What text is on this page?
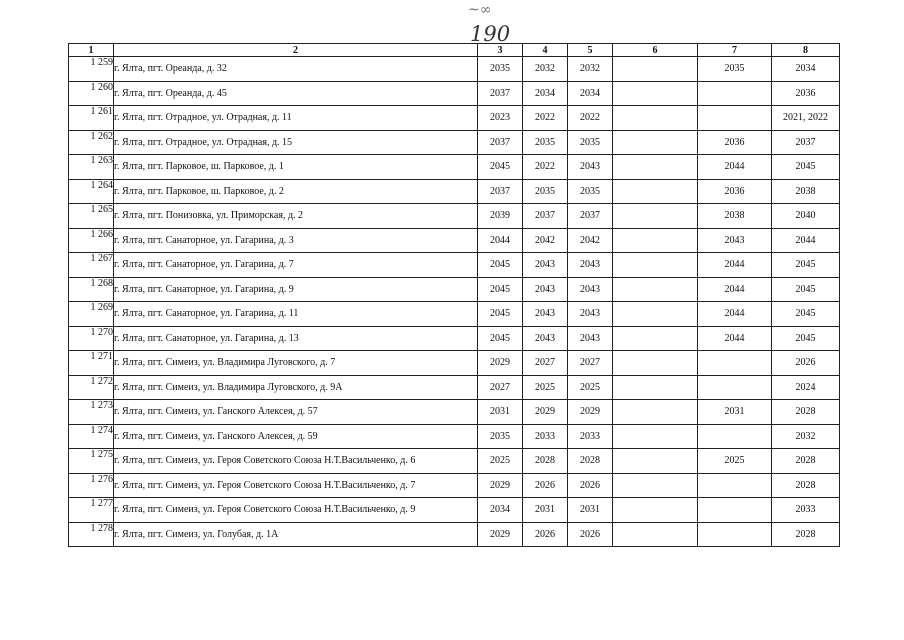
~∞
190
1	2	3	4	5	6	7	8
1 259	г. Ялта, пгт. Ореанда, д. 32	2035	2032	2032		2035	2034
1 260	г. Ялта, пгт. Ореанда, д. 45	2037	2034	2034			2036
1 261	г. Ялта, пгт. Отрадное, ул. Отрадная, д. 11	2023	2022	2022			2021, 2022
1 262	г. Ялта, пгт. Отрадное, ул. Отрадная, д. 15	2037	2035	2035		2036	2037
1 263	г. Ялта, пгт. Парковое, ш. Парковое, д. 1	2045	2022	2043		2044	2045
1 264	г. Ялта, пгт. Парковое, ш. Парковое, д. 2	2037	2035	2035		2036	2038
1 265	г. Ялта, пгт. Понизовка, ул. Приморская, д. 2	2039	2037	2037		2038	2040
1 266	г. Ялта, пгт. Санаторное, ул. Гагарина, д. 3	2044	2042	2042		2043	2044
1 267	г. Ялта, пгт. Санаторное, ул. Гагарина, д. 7	2045	2043	2043		2044	2045
1 268	г. Ялта, пгт. Санаторное, ул. Гагарина, д. 9	2045	2043	2043		2044	2045
1 269	г. Ялта, пгт. Санаторное, ул. Гагарина, д. 11	2045	2043	2043		2044	2045
1 270	г. Ялта, пгт. Санаторное, ул. Гагарина, д. 13	2045	2043	2043		2044	2045
1 271	г. Ялта, пгт. Симеиз, ул. Владимира Луговского, д. 7	2029	2027	2027			2026
1 272	г. Ялта, пгт. Симеиз, ул. Владимира Луговского, д. 9А	2027	2025	2025			2024
1 273	г. Ялта, пгт. Симеиз, ул. Ганского Алексея, д. 57	2031	2029	2029		2031	2028
1 274	г. Ялта, пгт. Симеиз, ул. Ганского Алексея, д. 59	2035	2033	2033			2032
1 275	г. Ялта, пгт. Симеиз, ул. Героя Советского Союза Н.Т.Васильченко, д. 6	2025	2028	2028		2025	2028
1 276	г. Ялта, пгт. Симеиз, ул. Героя Советского Союза Н.Т.Васильченко, д. 7	2029	2026	2026			2028
1 277	г. Ялта, пгт. Симеиз, ул. Героя Советского Союза Н.Т.Васильченко, д. 9	2034	2031	2031			2033
1 278	г. Ялта, пгт. Симеиз, ул. Голубая, д. 1А	2029	2026	2026			2028
